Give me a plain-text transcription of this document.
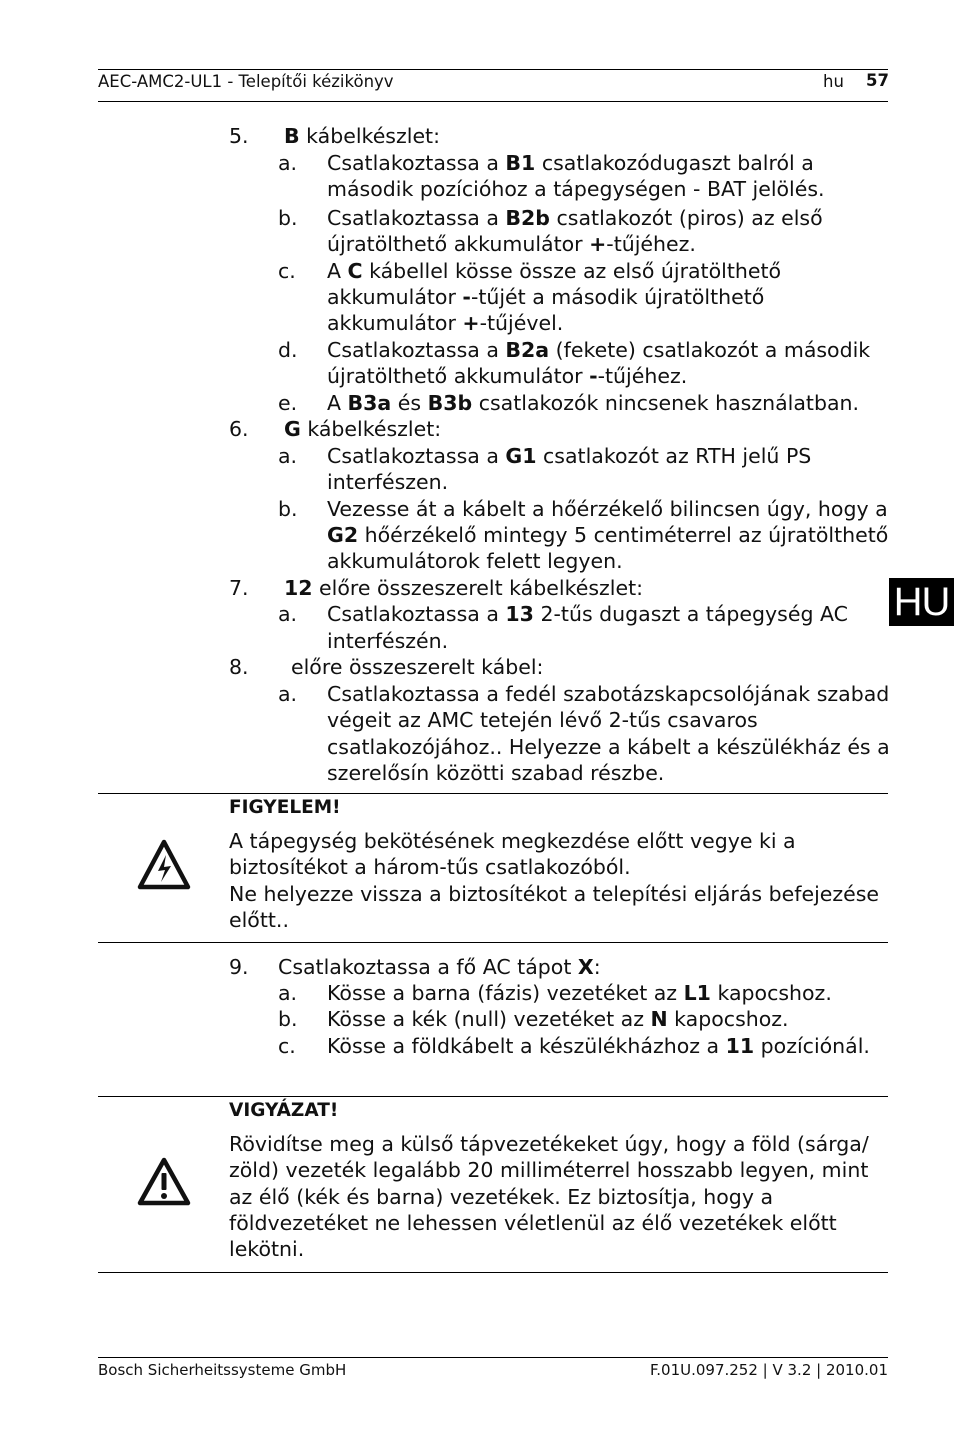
AEC-AMC2-UL1 - Telepítői kézikönyv	hu 57
HU
5. B kábelkészlet:
a. Csatlakoztassa a B1 csatlakozódugaszt balról a
második pozícióhoz a tápegységen - BAT jelölés.
b. Csatlakoztassa a B2b csatlakozót (piros) az első
újratölthető akkumulátor +-tűjéhez.
c. A C kábellel kösse össze az első újratölthető
akkumulátor --tűjét a második újratölthető
akkumulátor +-tűjével.
d. Csatlakoztassa a B2a (fekete) csatlakozót a második
újratölthető akkumulátor --tűjéhez.
e. A B3a és B3b csatlakozók nincsenek használatban.
6. G kábelkészlet:
a. Csatlakoztassa a G1 csatlakozót az RTH jelű PS
interfészen.
b. Vezesse át a kábelt a hőérzékelő bilincsen úgy, hogy a
G2 hőérzékelő mintegy 5 centiméterrel az újratölthető
akkumulátorok felett legyen.
7. 12 előre összeszerelt kábelkészlet:
a. Csatlakoztassa a 13 2-tűs dugaszt a tápegység AC
interfészén.
8. előre összeszerelt kábel:
a. Csatlakoztassa a fedél szabotázskapcsolójának szabad
végeit az AMC tetején lévő 2-tűs csavaros
csatlakozójához.. Helyezze a kábelt a készülékház és a
szerelősín közötti szabad részbe.
FIGYELEM!
A tápegység bekötésének megkezdése előtt vegye ki a
biztosítékot a három-tűs csatlakozóból.
Ne helyezze vissza a biztosítékot a telepítési eljárás befejezése
előtt..
9. Csatlakoztassa a fő AC tápot X:
a. Kösse a barna (fázis) vezetéket az L1 kapocshoz.
b. Kösse a kék (null) vezetéket az N kapocshoz.
c. Kösse a földkábelt a készülékházhoz a 11 pozíciónál.
VIGYÁZAT!
Rövidítse meg a külső tápvezetékeket úgy, hogy a föld (sárga/
zöld) vezeték legalább 20 milliméterrel hosszabb legyen, mint
az élő (kék és barna) vezetékek. Ez biztosítja, hogy a
földvezetéket ne lehessen véletlenül az élő vezetékek előtt
lekötni.
Bosch Sicherheitssysteme GmbH	F.01U.097.252 | V 3.2 | 2010.01
